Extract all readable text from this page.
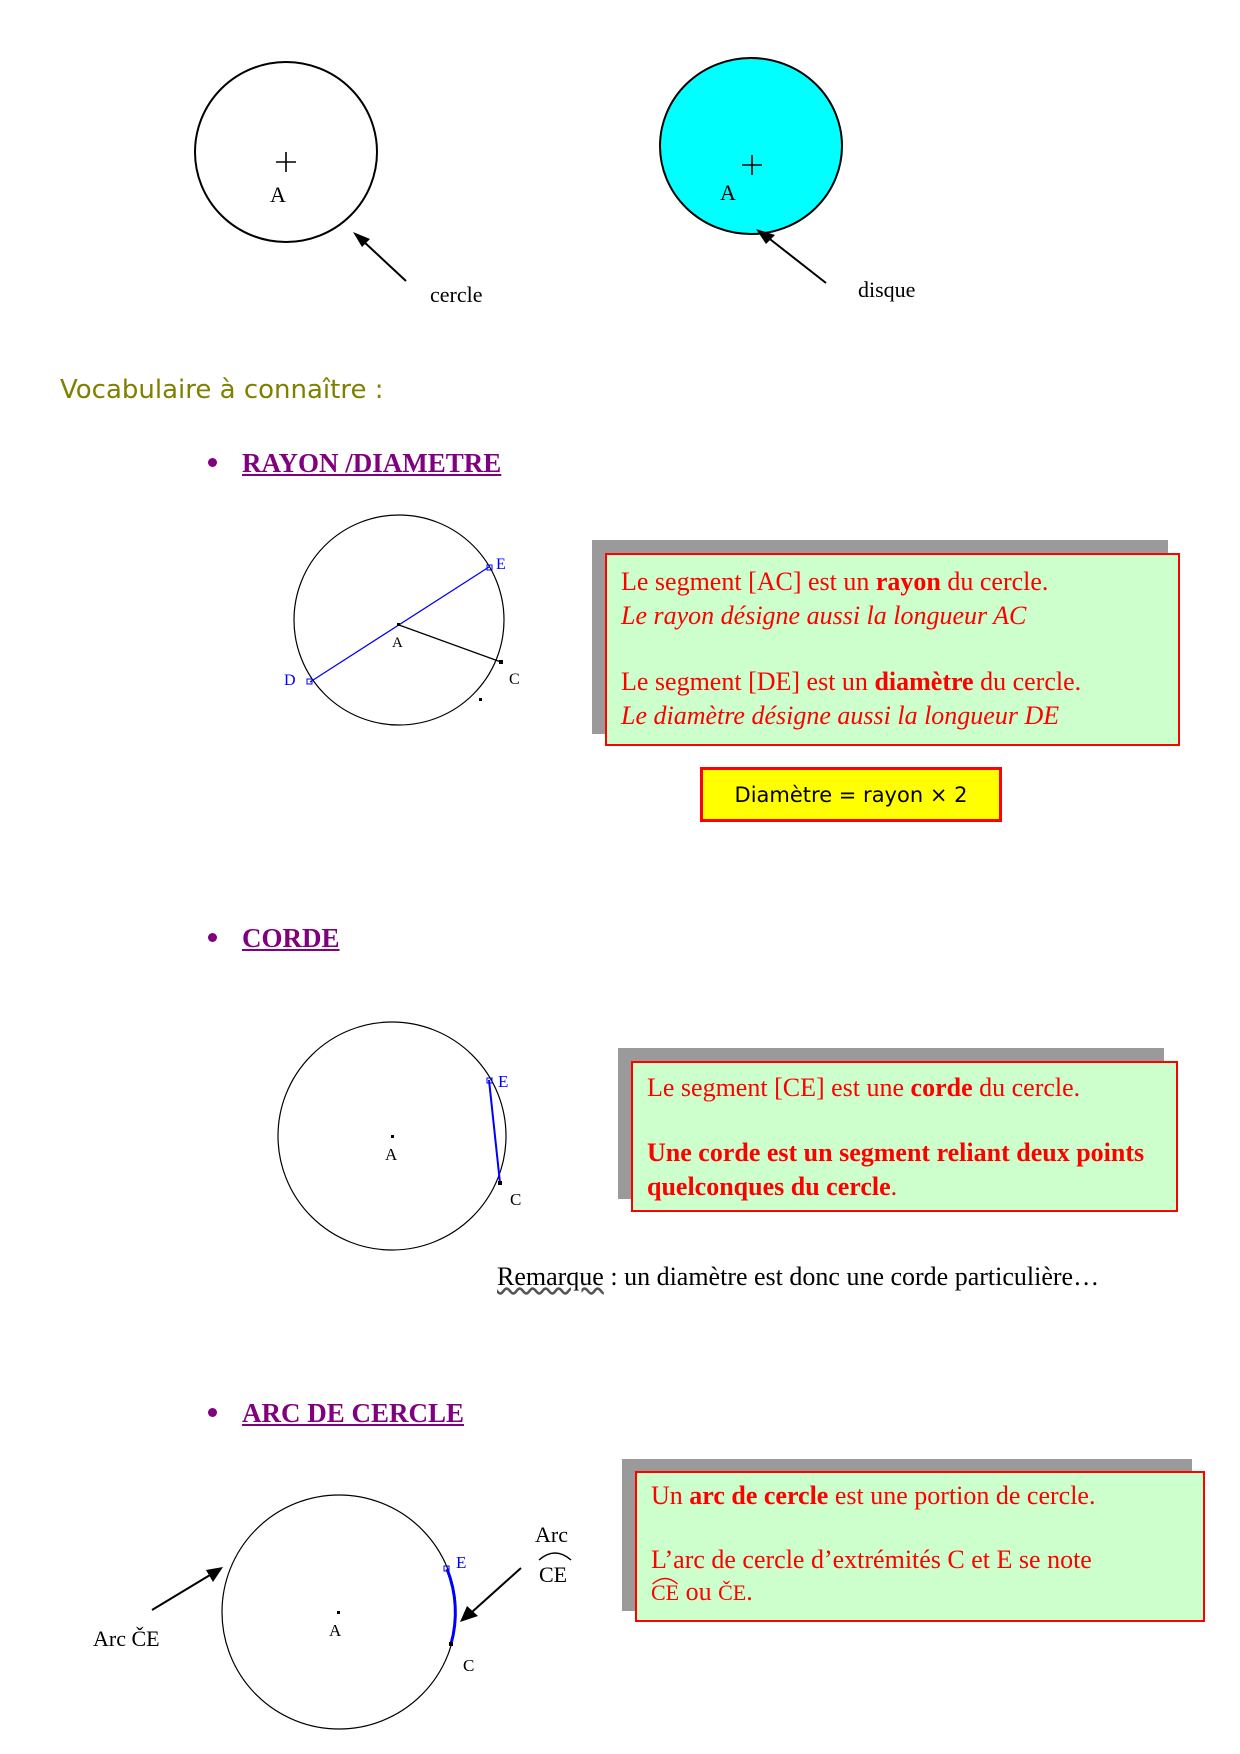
A
cercle
A
disque
Vocabulaire à connaître :
RAYON /DIAMETRE
A
D
E
C

Le segment [AC] est un rayon du cercle.

Le rayon désigne aussi la longueur AC

Le segment [DE] est un diamètre du cercle.

Le diamètre désigne aussi la longueur DE

Diamètre = rayon × 2
CORDE
A
E
C

Le segment [CE] est une corde du cercle.

Une corde est un segment reliant deux points quelconques du cercle.

Remarque : un diamètre est donc une corde particulière…
ARC DE CERCLE
A
E
C
Arc ČE
Arc
CE

Un arc de cercle est une portion de cercle.

L’arc de cercle d’extrémités C et E se note

CE ou ČE.
